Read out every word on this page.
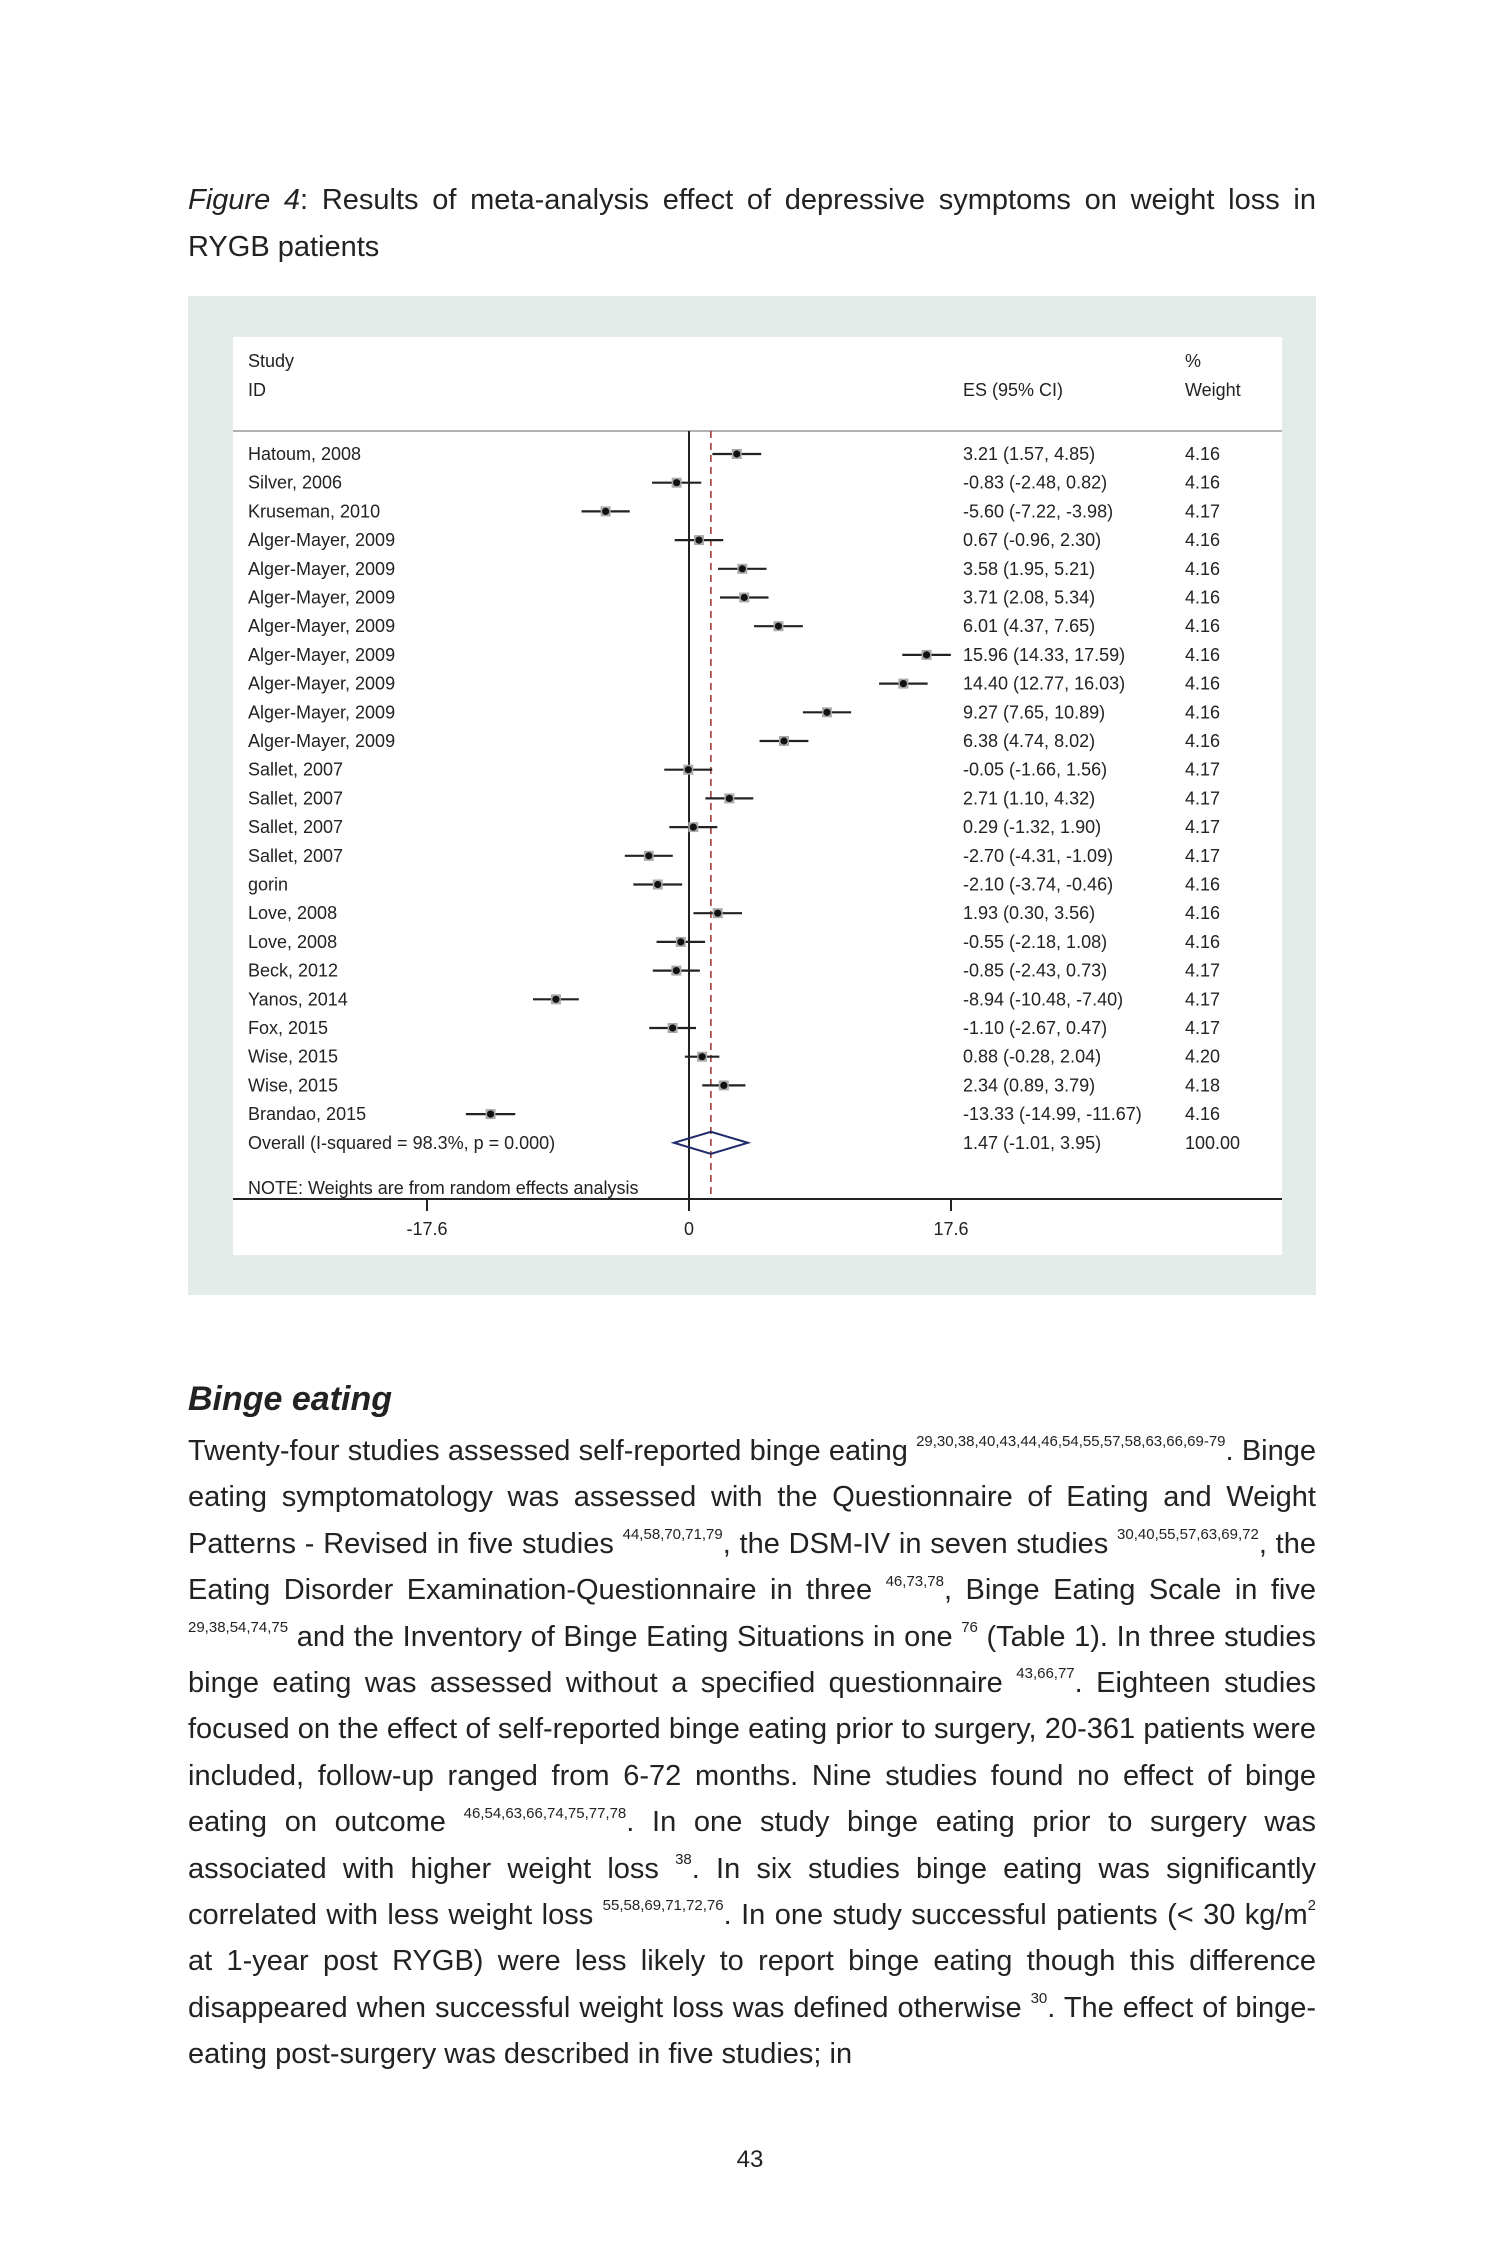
Figure 4: Results of meta-analysis effect of depressive symptoms on weight loss in RYGB patients
Study
ID	ES (95% CI)
%
Weight
Hatoum, 2008	3.21 (1.57, 4.85)	4.16
Silver, 2006	-0.83 (-2.48, 0.82)	4.16
Kruseman, 2010	-5.60 (-7.22, -3.98)	4.17
Alger-Mayer, 2009	0.67 (-0.96, 2.30)	4.16
Alger-Mayer, 2009	3.58 (1.95, 5.21)	4.16
Alger-Mayer, 2009	3.71 (2.08, 5.34)	4.16
Alger-Mayer, 2009	6.01 (4.37, 7.65)	4.16
Alger-Mayer, 2009	15.96 (14.33, 17.59)	4.16
Alger-Mayer, 2009	14.40 (12.77, 16.03)	4.16
Alger-Mayer, 2009	9.27 (7.65, 10.89)	4.16
Alger-Mayer, 2009	6.38 (4.74, 8.02)	4.16
Sallet, 2007	-0.05 (-1.66, 1.56)	4.17
Sallet, 2007	2.71 (1.10, 4.32)	4.17
Sallet, 2007	0.29 (-1.32, 1.90)	4.17
Sallet, 2007	-2.70 (-4.31, -1.09)	4.17
gorin	-2.10 (-3.74, -0.46)	4.16
Love, 2008	1.93 (0.30, 3.56)	4.16
Love, 2008	-0.55 (-2.18, 1.08)	4.16
Beck, 2012	-0.85 (-2.43, 0.73)	4.17
Yanos, 2014	-8.94 (-10.48, -7.40)	4.17
Fox, 2015	-1.10 (-2.67, 0.47)	4.17
Wise, 2015	0.88 (-0.28, 2.04)	4.20
Wise, 2015	2.34 (0.89, 3.79)	4.18
Brandao, 2015	-13.33 (-14.99, -11.67) 4.16
Overall (I-squared = 98.3%, p = 0.000)	1.47 (-1.01, 3.95)	100.00
NOTE: Weights are from random effects analysis
-17.6	0	17.6
Binge eating
Twenty-four studies assessed self-reported binge eating $^{29,30,38,40,43,44,46,54,55,57,58,63,66,69-79}$. Binge eating symptomatology was assessed with the Questionnaire of Eating and Weight Patterns - Revised in five studies $^{44,58,70,71,79}$, the DSM-IV in seven studies $^{30,40,55,57,63,69,72}$, the Eating Disorder Examination-Questionnaire in three $^{46,73,78}$, Binge Eating Scale in five $^{29,38,54,74,75}$ and the Inventory of Binge Eating Situations in one $^{76}$ (Table 1). In three studies binge eating was assessed without a specified questionnaire $^{43,66,77}$. Eighteen studies focused on the effect of self-reported binge eating prior to surgery, 20-361 patients were included, follow-up ranged from 6-72 months. Nine studies found no effect of binge eating on outcome $^{46,54,63,66,74,75,77,78}$. In one study binge eating prior to surgery was associated with higher weight loss $^{38}$. In six studies binge eating was significantly correlated with less weight loss $^{55,58,69,71,72,76}$. In one study successful patients (< 30 $kg/m^2$ at 1-year post RYGB) were less likely to report binge eating though this difference disappeared when successful weight loss was defined otherwise $^{30}$. The effect of binge-eating post-surgery was described in five studies; in
43
